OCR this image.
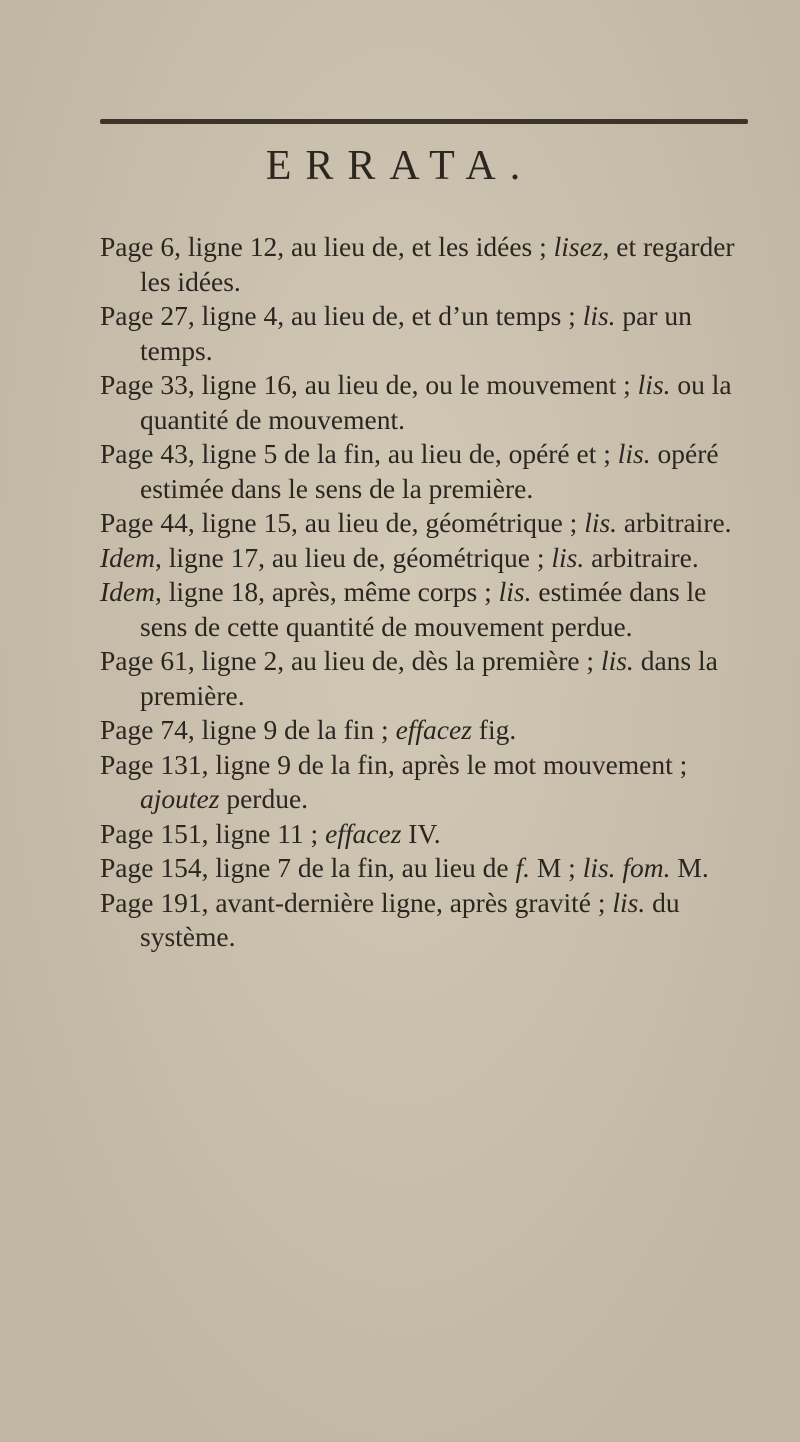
ERRATA.
Page 6, ligne 12, au lieu de, et les idées ; lisez, et regarder les idées.
Page 27, ligne 4, au lieu de, et d’un temps ; lis. par un temps.
Page 33, ligne 16, au lieu de, ou le mouvement ; lis. ou la quantité de mouvement.
Page 43, ligne 5 de la fin, au lieu de, opéré et ; lis. opéré estimée dans le sens de la première.
Page 44, ligne 15, au lieu de, géométrique ; lis. arbitraire.
Idem, ligne 17, au lieu de, géométrique ; lis. arbitraire.
Idem, ligne 18, après, même corps ; lis. estimée dans le sens de cette quantité de mouvement perdue.
Page 61, ligne 2, au lieu de, dès la première ; lis. dans la première.
Page 74, ligne 9 de la fin ; effacez fig.
Page 131, ligne 9 de la fin, après le mot mouvement ; ajoutez perdue.
Page 151, ligne 11 ; effacez IV.
Page 154, ligne 7 de la fin, au lieu de f. M ; lis. fom. M.
Page 191, avant-dernière ligne, après gravité ; lis. du système.
